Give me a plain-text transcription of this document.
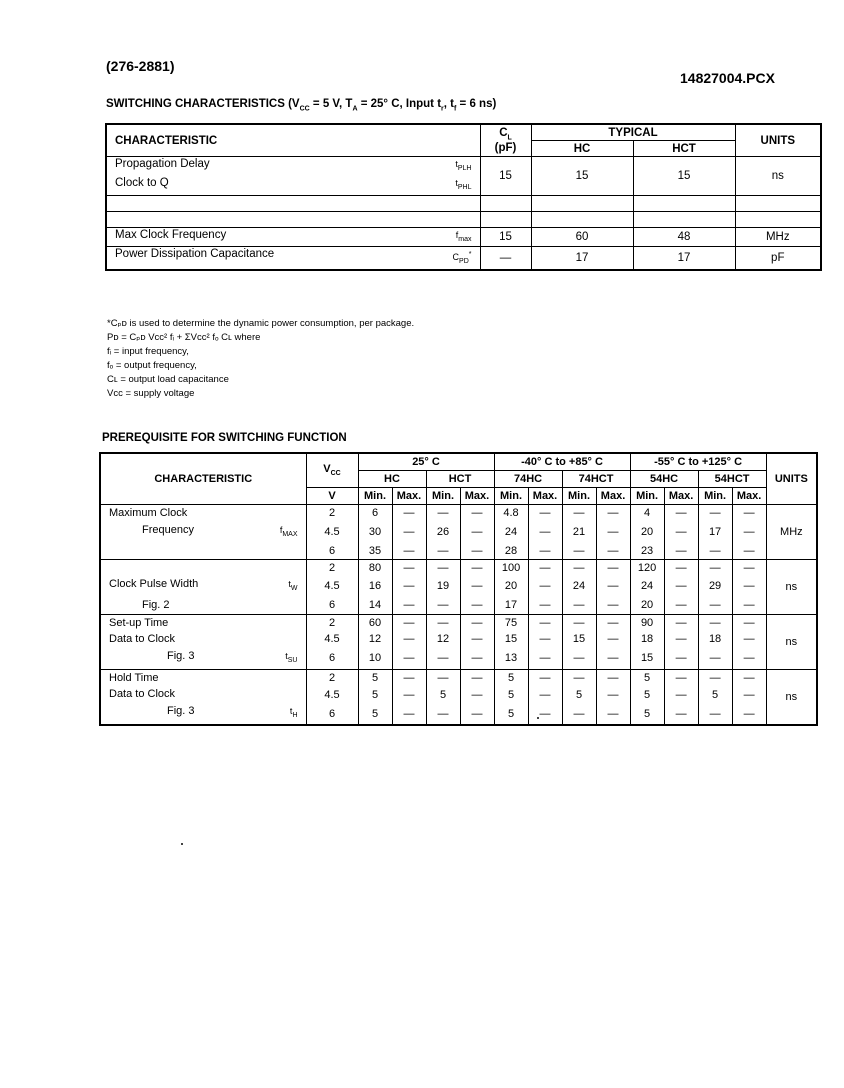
(276-2881)
14827004.PCX
SWITCHING CHARACTERISTICS ($V_{CC} = 5$ V, $T_A = 25^\circ$ C, Input $t_r$, $t_f = 6$ ns)
CHARACTERISTIC	$C_L$
(pF)	TYPICAL		UNITS
		HC	HCT	

Propagation Delay $t_{PLH}$
Clock to Q $t_{PHL}$	15	15	15	ns

Max Clock Frequency $f_{max}$	15	60	48	MHz

Power Dissipation Capacitance $C_{PD}^*$	—	17	17	pF
*Cₚᴅ is used to determine the dynamic power consumption, per package.
Pᴅ = Cₚᴅ Vᴄᴄ² fᵢ + ΣVᴄᴄ² fₒ Cʟ where
fᵢ = input frequency,
fₒ = output frequency,
Cʟ = output load capacitance
Vᴄᴄ = supply voltage
PREREQUISITE FOR SWITCHING FUNCTION
CHARACTERISTIC	$V_{CC}$	25° C				-40° C to +85° C				-55° C to +125° C				UNITS
		HC		HCT		74HC		74HCT		54HC		54HCT		
	V	Min.	Max.	Min.	Max.	Min.	Max.	Min.	Max.	Min.	Max.	Min.	Max.	

Maximum Clock	2	6	—	—	—	4.8	—	—	—	4	—	—	—	MHz

Frequency $f_{MAX}$	4.5	30	—	26	—	24	—	21	—	20	—	17	—	

	6	35	—	—	—	28	—	—	—	23	—	—	—	

	2	80	—	—	—	100	—	—	—	120	—	—	—	ns

Clock Pulse Width $t_W$	4.5	16	—	19	—	20	—	24	—	24	—	29	—	

Fig. 2	6	14	—	—	—	17	—	—	—	20	—	—	—	

Set-up Time	2	60	—	—	—	75	—	—	—	90	—	—	—	ns

Data to Clock	4.5	12	—	12	—	15	—	15	—	18	—	18	—	

Fig. 3 $t_{SU}$	6	10	—	—	—	13	—	—	—	15	—	—	—	

Hold Time	2	5	—	—	—	5	—	—	—	5	—	—	—	ns

Data to Clock	4.5	5	—	5	—	5	—	5	—	5	—	5	—	

Fig. 3 $t_H$	6	5	—	—	—	5	—	—	—	5	—	—	—	
